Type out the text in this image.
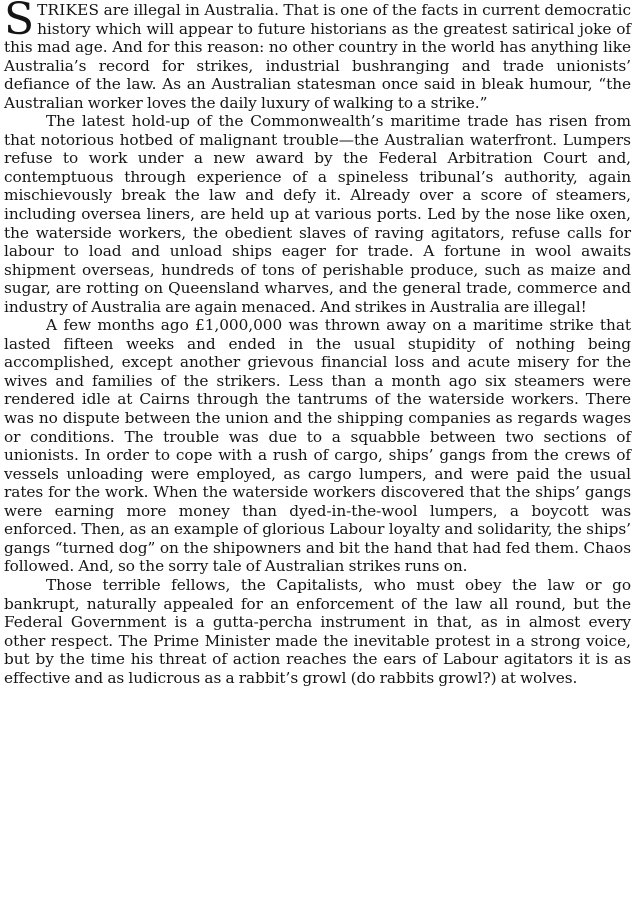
STRIKES are illegal in Australia. That is one of the facts in current democratic history which will appear to future historians as the greatest satirical joke of this mad age. And for this reason: no other country in the world has anything like Australia’s record for strikes, industrial bushranging and trade unionists’ defiance of the law. As an Australian statesman once said in bleak humour, “the Australian worker loves the daily luxury of walking to a strike.”

The latest hold-up of the Commonwealth’s maritime trade has risen from that notorious hotbed of malignant trouble—the Australian waterfront. Lumpers refuse to work under a new award by the Federal Arbitration Court and, contemptuous through experience of a spineless tribunal’s authority, again mischievously break the law and defy it. Already over a score of steamers, including oversea liners, are held up at various ports. Led by the nose like oxen, the waterside workers, the obedient slaves of raving agitators, refuse calls for labour to load and unload ships eager for trade. A fortune in wool awaits shipment overseas, hundreds of tons of perishable produce, such as maize and sugar, are rotting on Queensland wharves, and the general trade, commerce and industry of Australia are again menaced. And strikes in Australia are illegal!

A few months ago £1,000,000 was thrown away on a maritime strike that lasted fifteen weeks and ended in the usual stupidity of nothing being accomplished, except another grievous financial loss and acute misery for the wives and families of the strikers. Less than a month ago six steamers were rendered idle at Cairns through the tantrums of the waterside workers. There was no dispute between the union and the shipping companies as regards wages or conditions. The trouble was due to a squabble between two sections of unionists. In order to cope with a rush of cargo, ships’ gangs from the crews of vessels unloading were employed, as cargo lumpers, and were paid the usual rates for the work. When the waterside workers discovered that the ships’ gangs were earning more money than dyed-in-the-wool lumpers, a boycott was enforced. Then, as an example of glorious Labour loyalty and solidarity, the ships’ gangs “turned dog” on the shipowners and bit the hand that had fed them. Chaos followed. And, so the sorry tale of Australian strikes runs on.

Those terrible fellows, the Capitalists, who must obey the law or go bankrupt, naturally appealed for an enforcement of the law all round, but the Federal Government is a gutta-percha instrument in that, as in almost every other respect. The Prime Minister made the inevitable protest in a strong voice, but by the time his threat of action reaches the ears of Labour agitators it is as effective and as ludicrous as a rabbit’s growl (do rabbits growl?) at wolves.
